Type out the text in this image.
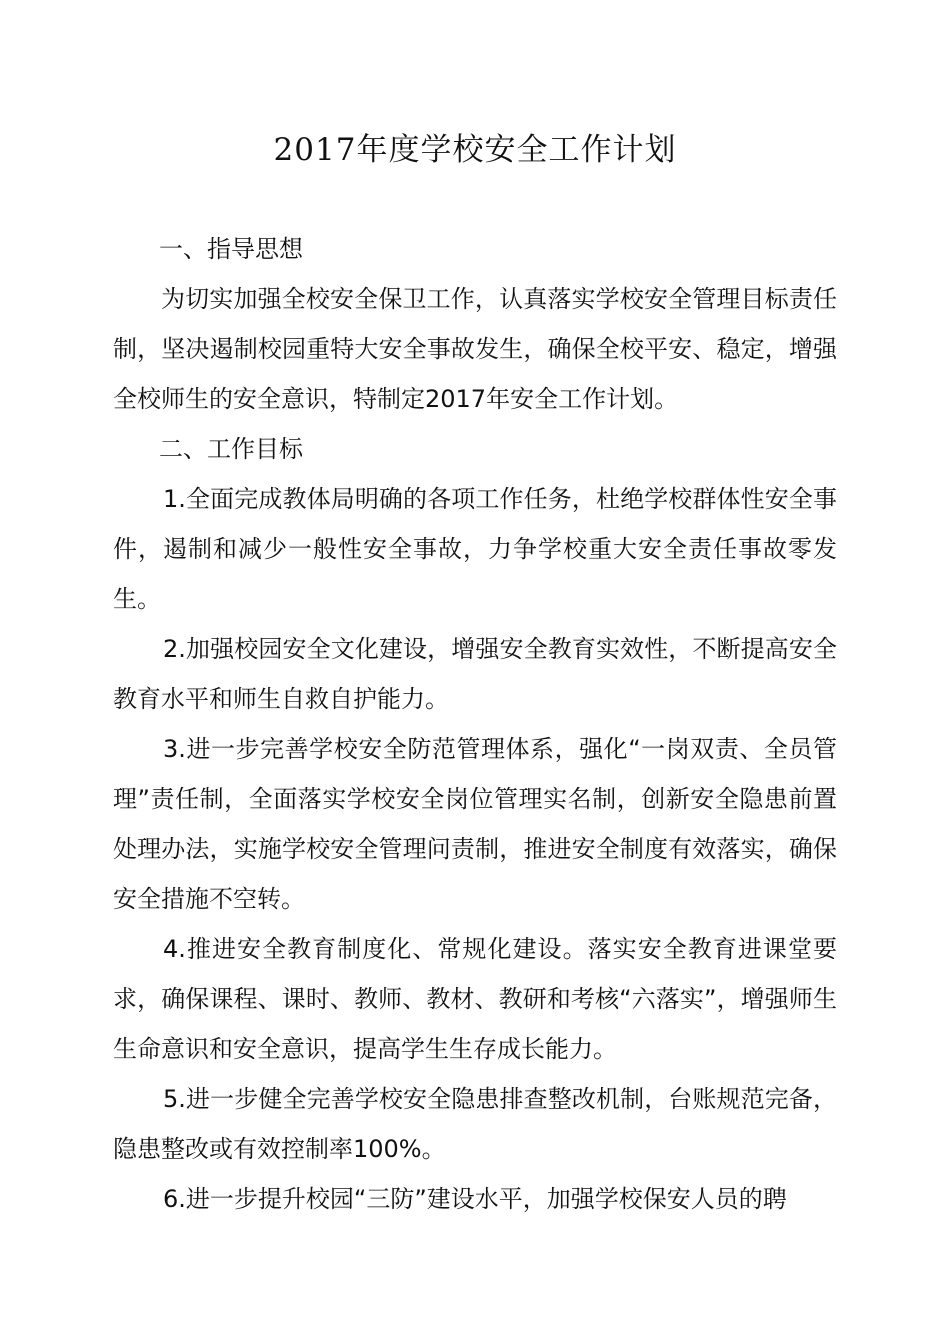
2017年度学校安全工作计划

一、指导思想

为切实加强全校安全保卫工作，认真落实学校安全管理目标责任制，坚决遏制校园重特大安全事故发生，确保全校平安、稳定，增强全校师生的安全意识，特制定2017年安全工作计划。

二、工作目标

1.全面完成教体局明确的各项工作任务，杜绝学校群体性安全事件，遏制和减少一般性安全事故，力争学校重大安全责任事故零发生。

2.加强校园安全文化建设，增强安全教育实效性，不断提高安全教育水平和师生自救自护能力。

3.进一步完善学校安全防范管理体系，强化“一岗双责、全员管理”责任制，全面落实学校安全岗位管理实名制，创新安全隐患前置处理办法，实施学校安全管理问责制，推进安全制度有效落实，确保安全措施不空转。

4.推进安全教育制度化、常规化建设。落实安全教育进课堂要求，确保课程、课时、教师、教材、教研和考核“六落实”，增强师生生命意识和安全意识，提高学生生存成长能力。

5.进一步健全完善学校安全隐患排查整改机制，台账规范完备，隐患整改或有效控制率100%。

6.进一步提升校园“三防”建设水平，加强学校保安人员的聘
